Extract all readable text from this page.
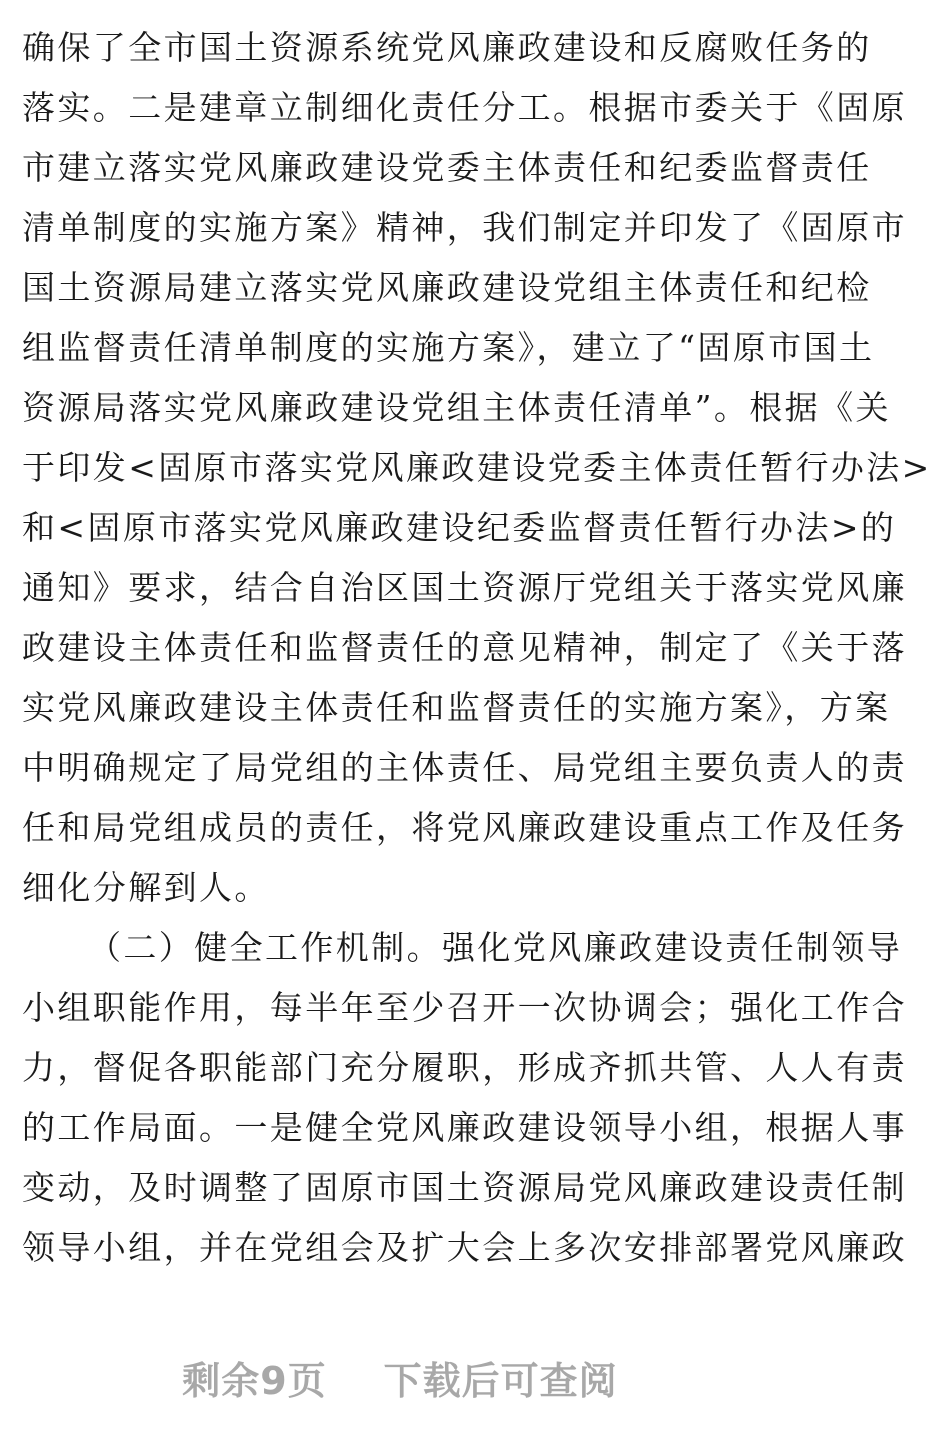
确保了全市国土资源系统党风廉政建设和反腐败任务的
落实。二是建章立制细化责任分工。根据市委关于《固原
市建立落实党风廉政建设党委主体责任和纪委监督责任
清单制度的实施方案》精神，我们制定并印发了《固原市
国土资源局建立落实党风廉政建设党组主体责任和纪检
组监督责任清单制度的实施方案》，建立了“固原市国土
资源局落实党风廉政建设党组主体责任清单”。根据《关
于印发<固原市落实党风廉政建设党委主体责任暂行办法>
和<固原市落实党风廉政建设纪委监督责任暂行办法>的
通知》要求，结合自治区国土资源厅党组关于落实党风廉
政建设主体责任和监督责任的意见精神，制定了《关于落
实党风廉政建设主体责任和监督责任的实施方案》，方案
中明确规定了局党组的主体责任、局党组主要负责人的责
任和局党组成员的责任，将党风廉政建设重点工作及任务
细化分解到人。
（二）健全工作机制。强化党风廉政建设责任制领导
小组职能作用，每半年至少召开一次协调会；强化工作合
力，督促各职能部门充分履职，形成齐抓共管、人人有责
的工作局面。一是健全党风廉政建设领导小组，根据人事
变动，及时调整了固原市国土资源局党风廉政建设责任制
领导小组，并在党组会及扩大会上多次安排部署党风廉政
剩余9页 下载后可查阅
